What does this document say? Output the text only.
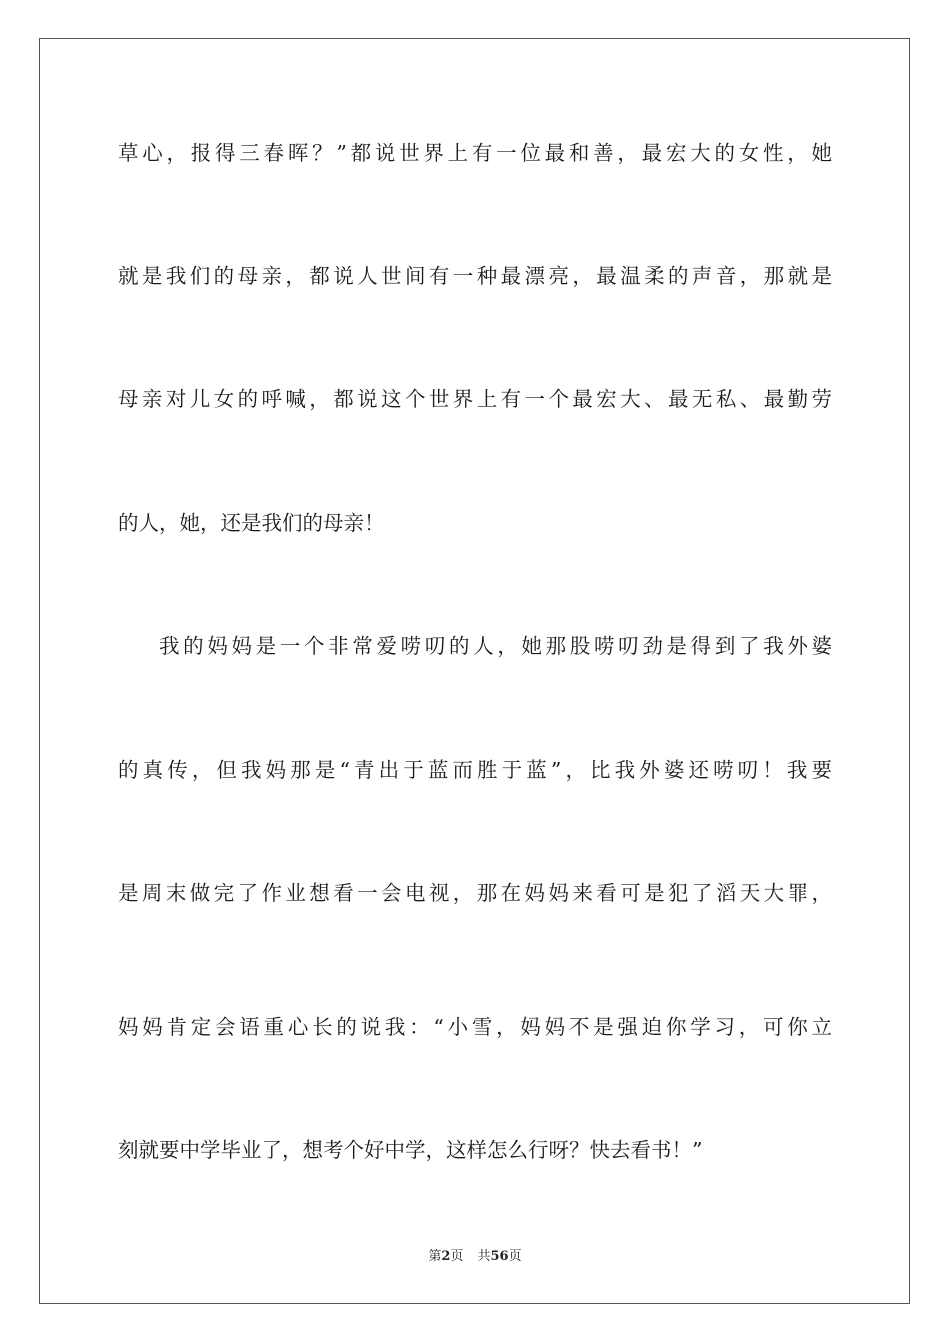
草心，报得三春晖？”都说世界上有一位最和善，最宏大的女性，她

就是我们的母亲，都说人世间有一种最漂亮，最温柔的声音，那就是

母亲对儿女的呼喊，都说这个世界上有一个最宏大、最无私、最勤劳

的人，她，还是我们的母亲！

我的妈妈是一个非常爱唠叨的人，她那股唠叨劲是得到了我外婆

的真传，但我妈那是“青出于蓝而胜于蓝”，比我外婆还唠叨！我要

是周末做完了作业想看一会电视，那在妈妈来看可是犯了滔天大罪，

妈妈肯定会语重心长的说我：“小雪，妈妈不是强迫你学习，可你立

刻就要中学毕业了，想考个好中学，这样怎么行呀？快去看书！”

第2页 共56页
